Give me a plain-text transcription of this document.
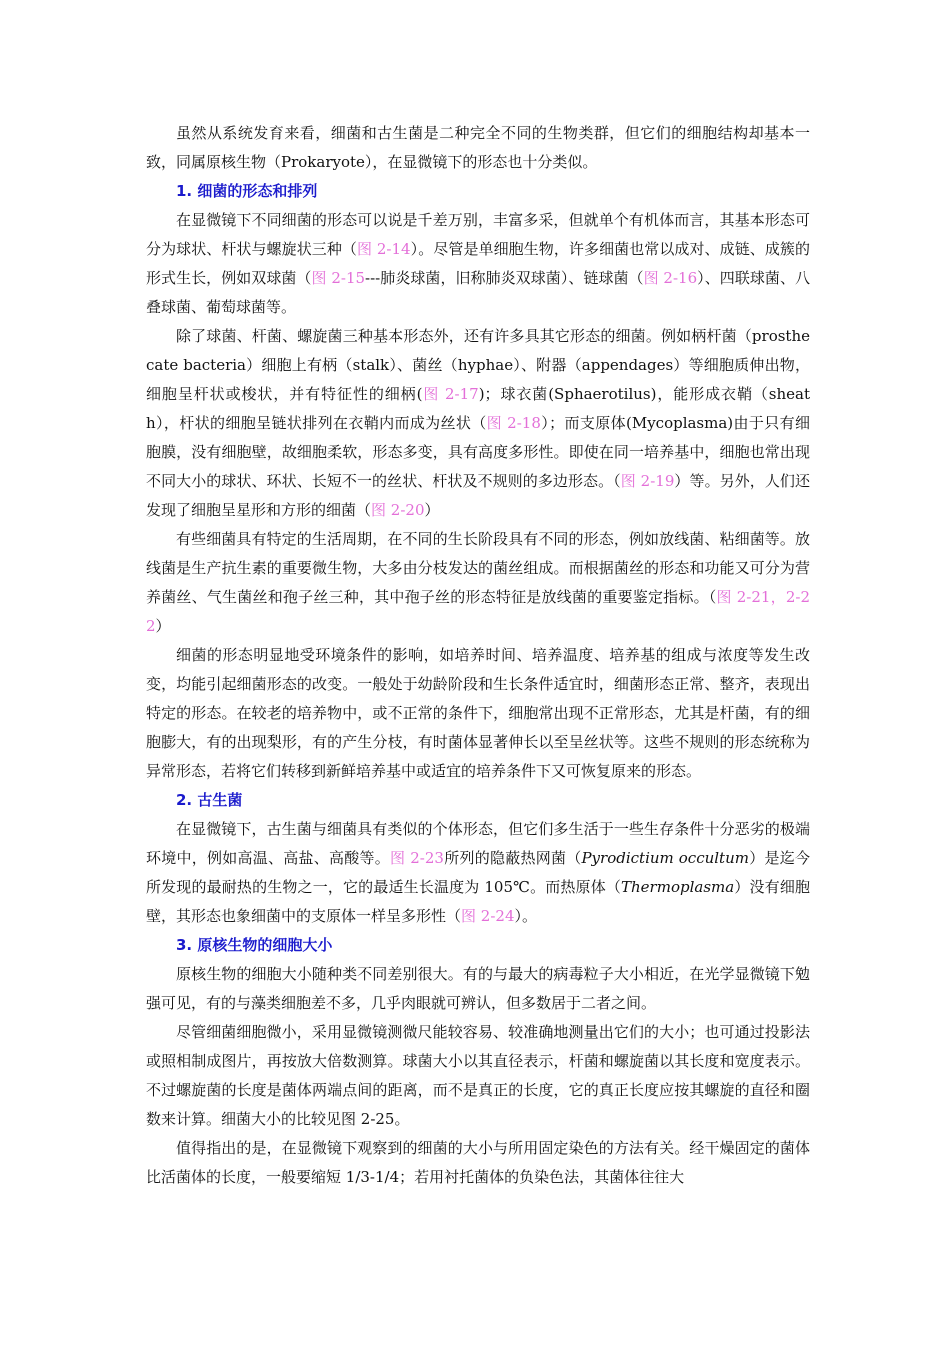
虽然从系统发育来看，细菌和古生菌是二种完全不同的生物类群，但它们的细胞结构却基本一致，同属原核生物（Prokaryote），在显微镜下的形态也十分类似。

1. 细菌的形态和排列

在显微镜下不同细菌的形态可以说是千差万别，丰富多采，但就单个有机体而言，其基本形态可分为球状、杆状与螺旋状三种（图 2-14）。尽管是单细胞生物，许多细菌也常以成对、成链、成簇的形式生长，例如双球菌（图 2-15---肺炎球菌，旧称肺炎双球菌）、链球菌（图 2-16）、四联球菌、八叠球菌、葡萄球菌等。

除了球菌、杆菌、螺旋菌三种基本形态外，还有许多具其它形态的细菌。例如柄杆菌（prosthecate bacteria）细胞上有柄（stalk）、菌丝（hyphae）、附器（appendages）等细胞质伸出物，细胞呈杆状或梭状，并有特征性的细柄(图 2-17)；球衣菌(Sphaerotilus)，能形成衣鞘（sheath），杆状的细胞呈链状排列在衣鞘内而成为丝状（图 2-18）；而支原体(Mycoplasma)由于只有细胞膜，没有细胞壁，故细胞柔软，形态多变，具有高度多形性。即使在同一培养基中，细胞也常出现不同大小的球状、环状、长短不一的丝状、杆状及不规则的多边形态。（图 2-19）等。另外，人们还发现了细胞呈星形和方形的细菌（图 2-20）

有些细菌具有特定的生活周期，在不同的生长阶段具有不同的形态，例如放线菌、粘细菌等。放线菌是生产抗生素的重要微生物，大多由分枝发达的菌丝组成。而根据菌丝的形态和功能又可分为营养菌丝、气生菌丝和孢子丝三种，其中孢子丝的形态特征是放线菌的重要鉴定指标。（图 2-21，2-22）

细菌的形态明显地受环境条件的影响，如培养时间、培养温度、培养基的组成与浓度等发生改变，均能引起细菌形态的改变。一般处于幼龄阶段和生长条件适宜时，细菌形态正常、整齐，表现出特定的形态。在较老的培养物中，或不正常的条件下，细胞常出现不正常形态，尤其是杆菌，有的细胞膨大，有的出现梨形，有的产生分枝，有时菌体显著伸长以至呈丝状等。这些不规则的形态统称为异常形态，若将它们转移到新鲜培养基中或适宜的培养条件下又可恢复原来的形态。

2. 古生菌

在显微镜下，古生菌与细菌具有类似的个体形态，但它们多生活于一些生存条件十分恶劣的极端环境中，例如高温、高盐、高酸等。图 2-23所列的隐蔽热网菌（Pyrodictium occultum）是迄今所发现的最耐热的生物之一，它的最适生长温度为 105℃。而热原体（Thermoplasma）没有细胞壁，其形态也象细菌中的支原体一样呈多形性（图 2-24）。

3. 原核生物的细胞大小

原核生物的细胞大小随种类不同差别很大。有的与最大的病毒粒子大小相近，在光学显微镜下勉强可见，有的与藻类细胞差不多，几乎肉眼就可辨认，但多数居于二者之间。

尽管细菌细胞微小，采用显微镜测微尺能较容易、较准确地测量出它们的大小；也可通过投影法或照相制成图片，再按放大倍数测算。球菌大小以其直径表示，杆菌和螺旋菌以其长度和宽度表示。不过螺旋菌的长度是菌体两端点间的距离，而不是真正的长度，它的真正长度应按其螺旋的直径和圈数来计算。细菌大小的比较见图 2-25。

值得指出的是，在显微镜下观察到的细菌的大小与所用固定染色的方法有关。经干燥固定的菌体比活菌体的长度，一般要缩短 1/3-1/4；若用衬托菌体的负染色法，其菌体往往大
